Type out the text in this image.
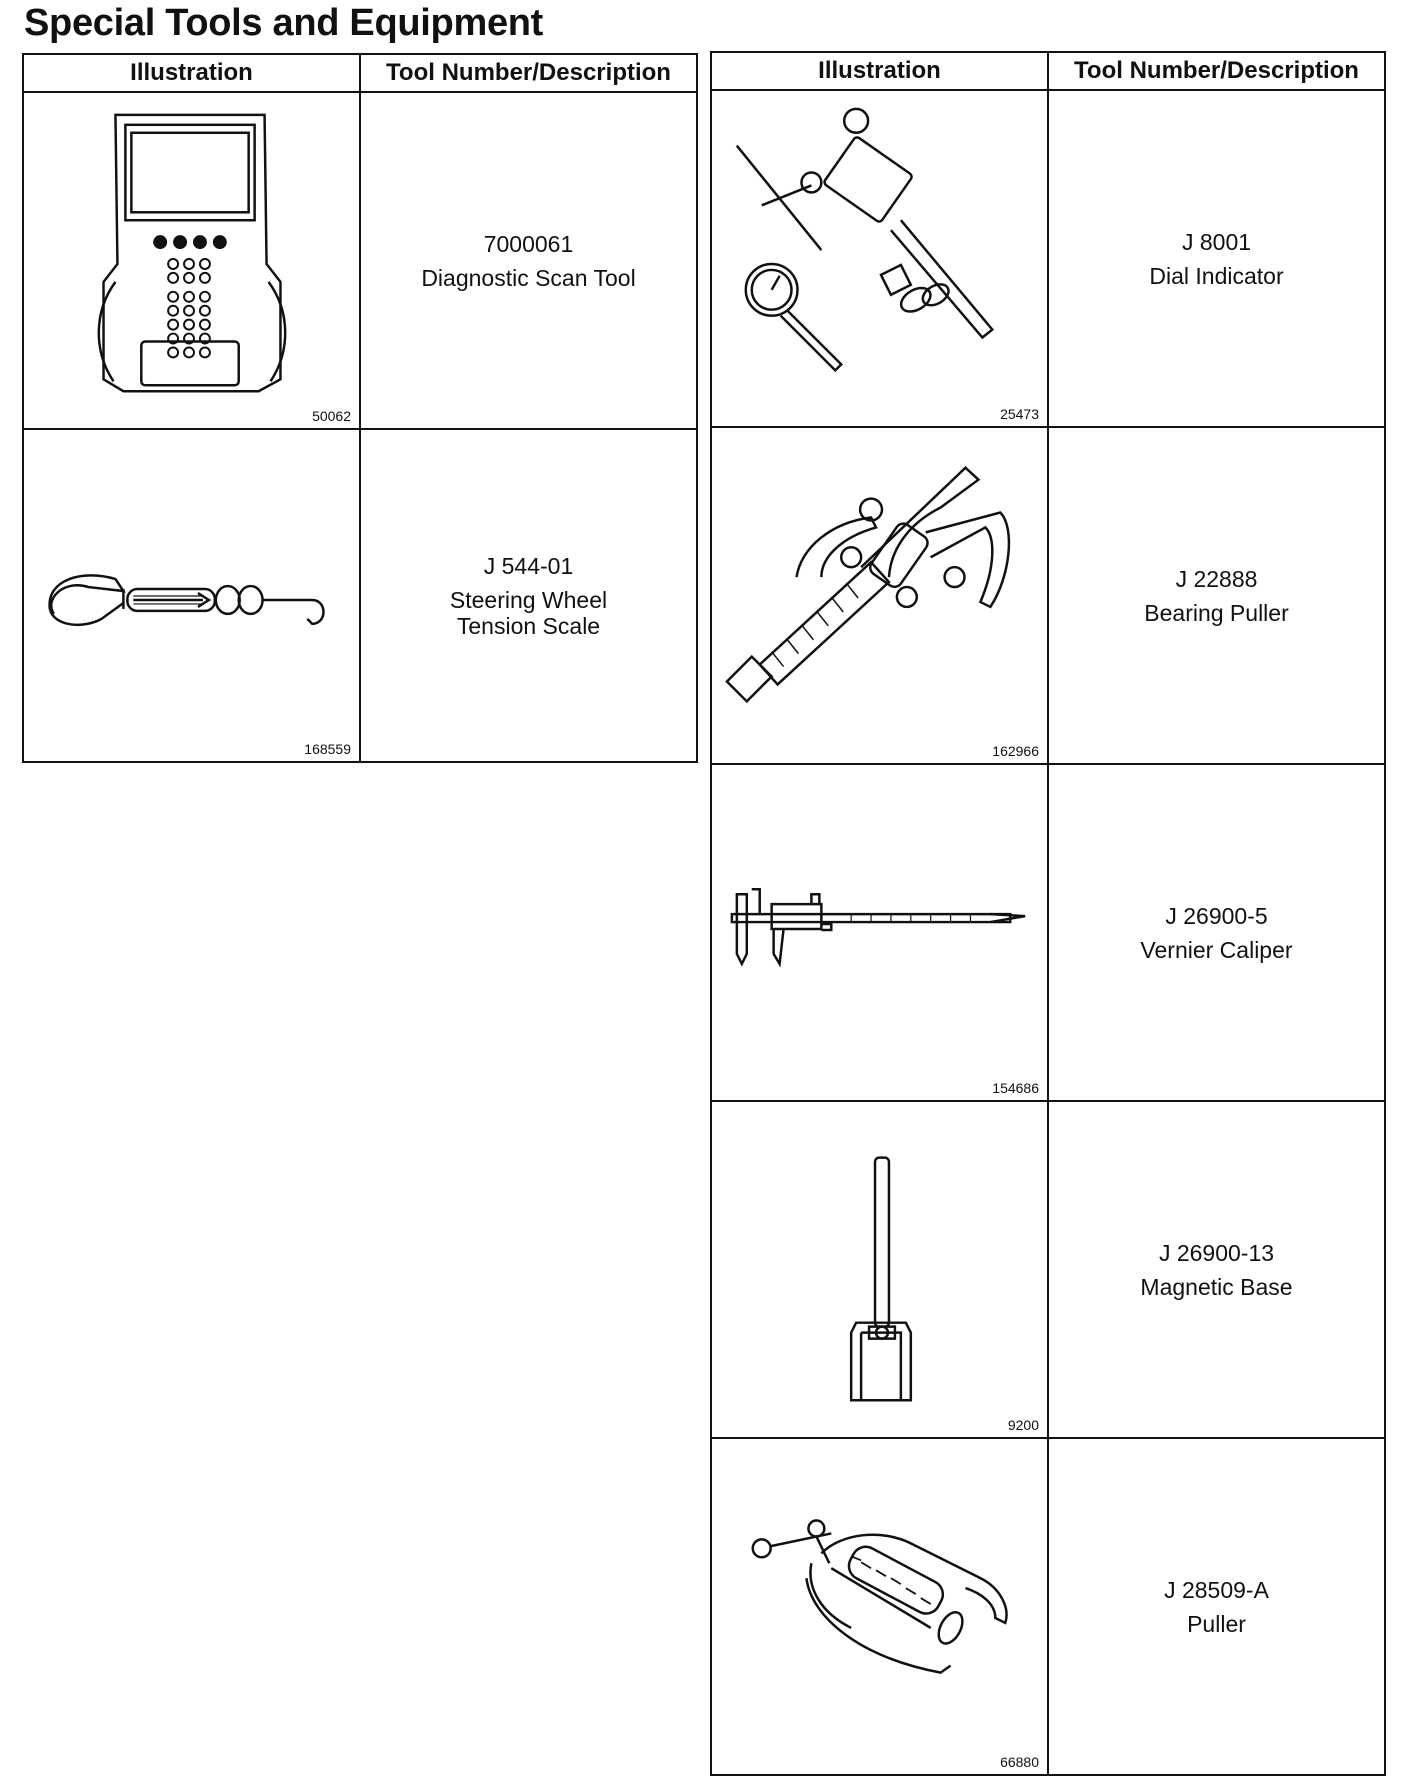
Special Tools and Equipment
Illustration	Tool Number/Description

50062	7000061
Diagnostic Scan Tool

168559	J 544-01
Steering Wheel Tension Scale
Illustration	Tool Number/Description

25473	J 8001
Dial Indicator

162966	J 22888
Bearing Puller

154686	J 26900-5
Vernier Caliper

9200	J 26900-13
Magnetic Base

66880	J 28509-A
Puller
